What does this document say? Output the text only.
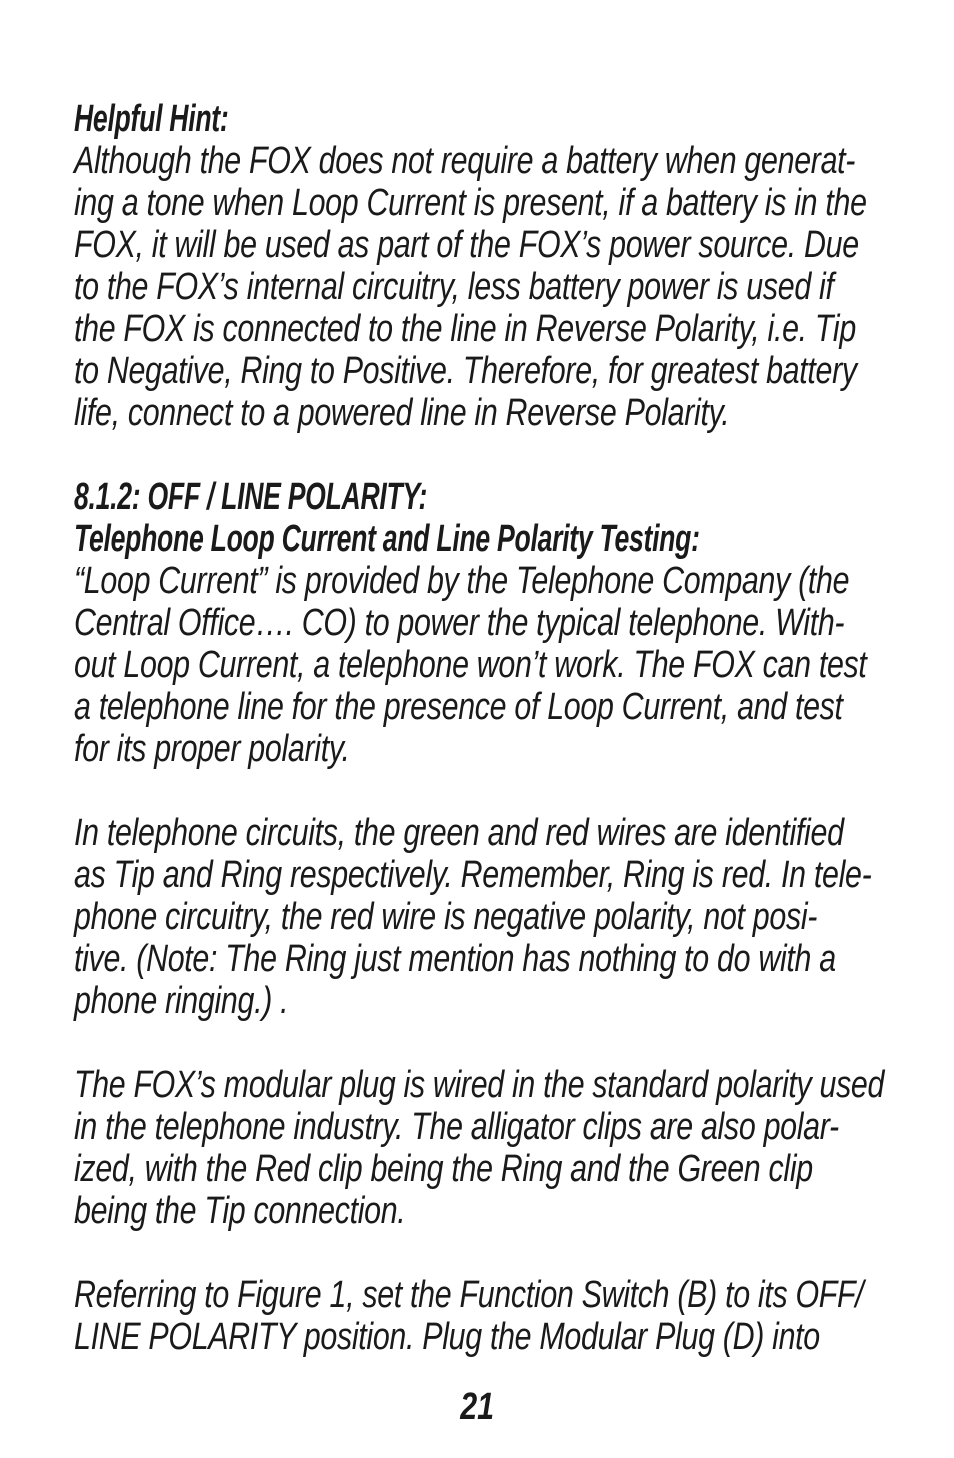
Helpful Hint:
Although the FOX does not require a battery when generat-
ing a tone when Loop Current is present, if a battery is in the
FOX, it will be used as part of the FOX’s power source. Due
to the FOX’s internal circuitry, less battery power is used if
the FOX is connected to the line in Reverse Polarity, i.e. Tip
to Negative, Ring to Positive. Therefore, for greatest battery
life, connect to a powered line in Reverse Polarity.
8.1.2: OFF / LINE POLARITY:
Telephone Loop Current and Line Polarity Testing:
“Loop Current” is provided by the Telephone Company (the
Central Office…. CO) to power the typical telephone. With-
out Loop Current, a telephone won’t work. The FOX can test
a telephone line for the presence of Loop Current, and test
for its proper polarity.
In telephone circuits, the green and red wires are identified
as Tip and Ring respectively. Remember, Ring is red. In tele-
phone circuitry, the red wire is negative polarity, not posi-
tive. (Note: The Ring just mention has nothing to do with a
phone ringing.) .
The FOX’s modular plug is wired in the standard polarity used
in the telephone industry. The alligator clips are also polar-
ized, with the Red clip being the Ring and the Green clip
being the Tip connection.
Referring to Figure 1, set the Function Switch (B) to its OFF/
LINE POLARITY position. Plug the Modular Plug (D) into
21
